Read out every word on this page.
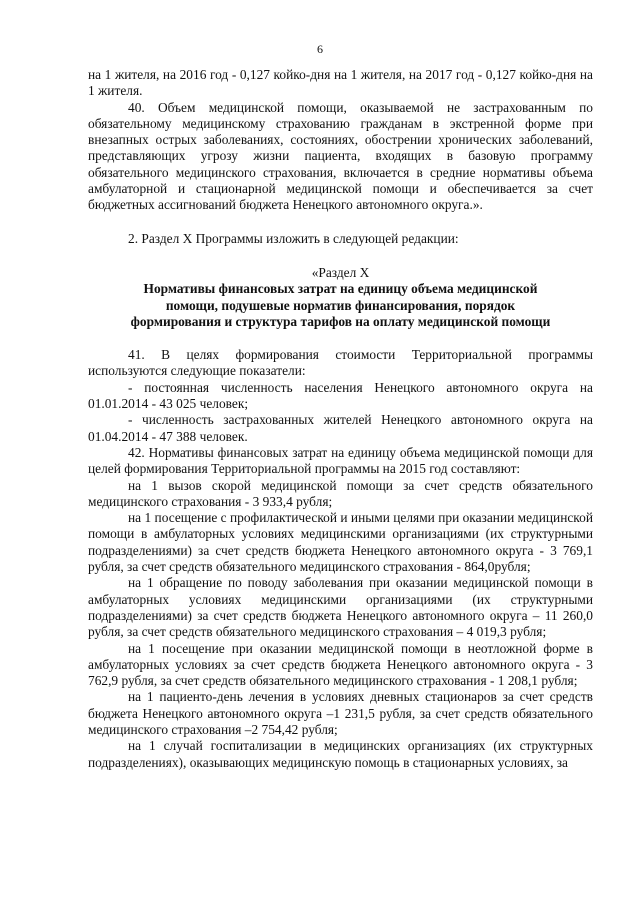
6

на 1 жителя, на 2016 год - 0,127 койко-дня на 1 жителя, на 2017 год - 0,127 койко-дня на 1 жителя.

40. Объем медицинской помощи, оказываемой не застрахованным по обязательному медицинскому страхованию гражданам в экстренной форме при внезапных острых заболеваниях, состояниях, обострении хронических заболеваний, представляющих угрозу жизни пациента, входящих в базовую программу обязательного медицинского страхования, включается в средние нормативы объема амбулаторной и стационарной медицинской помощи и обеспечивается за счет бюджетных ассигнований бюджета Ненецкого автономного округа.».

2. Раздел X Программы изложить в следующей редакции:

«Раздел X

Нормативы финансовых затрат на единицу объема медицинской помощи, подушевые норматив финансирования, порядок формирования и структура тарифов на оплату медицинской помощи

41. В целях формирования стоимости Территориальной программы используются следующие показатели:

- постоянная численность населения Ненецкого автономного округа на 01.01.2014 - 43 025 человек;

- численность застрахованных жителей Ненецкого автономного округа на 01.04.2014 - 47 388 человек.

42. Нормативы финансовых затрат на единицу объема медицинской помощи для целей формирования Территориальной программы на 2015 год составляют:

на 1 вызов скорой медицинской помощи за счет средств обязательного медицинского страхования - 3 933,4 рубля;

на 1 посещение с профилактической и иными целями при оказании медицинской помощи в амбулаторных условиях медицинскими организациями (их структурными подразделениями) за счет средств бюджета Ненецкого автономного округа - 3 769,1 рубля, за счет средств обязательного медицинского страхования - 864,0рубля;

на 1 обращение по поводу заболевания при оказании медицинской помощи в амбулаторных условиях медицинскими организациями (их структурными подразделениями) за счет средств бюджета Ненецкого автономного округа – 11 260,0 рубля, за счет средств обязательного медицинского страхования – 4 019,3 рубля;

на 1 посещение при оказании медицинской помощи в неотложной форме в амбулаторных условиях за счет средств бюджета Ненецкого автономного округа - 3 762,9 рубля, за счет средств обязательного медицинского страхования - 1 208,1 рубля;

на 1 пациенто-день лечения в условиях дневных стационаров за счет средств бюджета Ненецкого автономного округа –1 231,5 рубля, за счет средств обязательного медицинского страхования –2 754,42 рубля;

на 1 случай госпитализации в медицинских организациях (их структурных подразделениях), оказывающих медицинскую помощь в стационарных условиях, за
